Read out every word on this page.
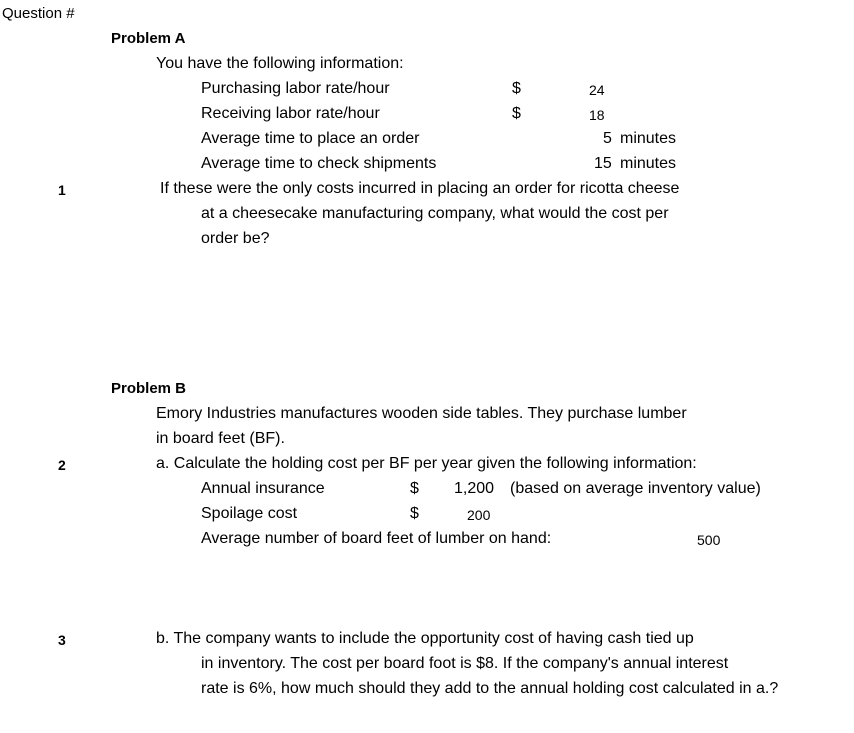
Question #
1
2
3
Problem A
You have the following information:
Purchasing labor rate/hour	$	24
Receiving labor rate/hour	$	18
Average time to place an order	5 minutes
Average time to check shipments	15 minutes
If these were the only costs incurred in placing an order for ricotta cheese
at a cheesecake manufacturing company, what would the cost per
order be?
Problem B
Emory Industries manufactures wooden side tables. They purchase lumber
in board feet (BF).
a. Calculate the holding cost per BF per year given the following information:
Annual insurance	$ 1,200 (based on average inventory value)
Spoilage cost	$	200
Average number of board feet of lumber on hand:	500
b. The company wants to include the opportunity cost of having cash tied up
in inventory. The cost per board foot is $8. If the company's annual interest
rate is 6%, how much should they add to the annual holding cost calculated in a.?
